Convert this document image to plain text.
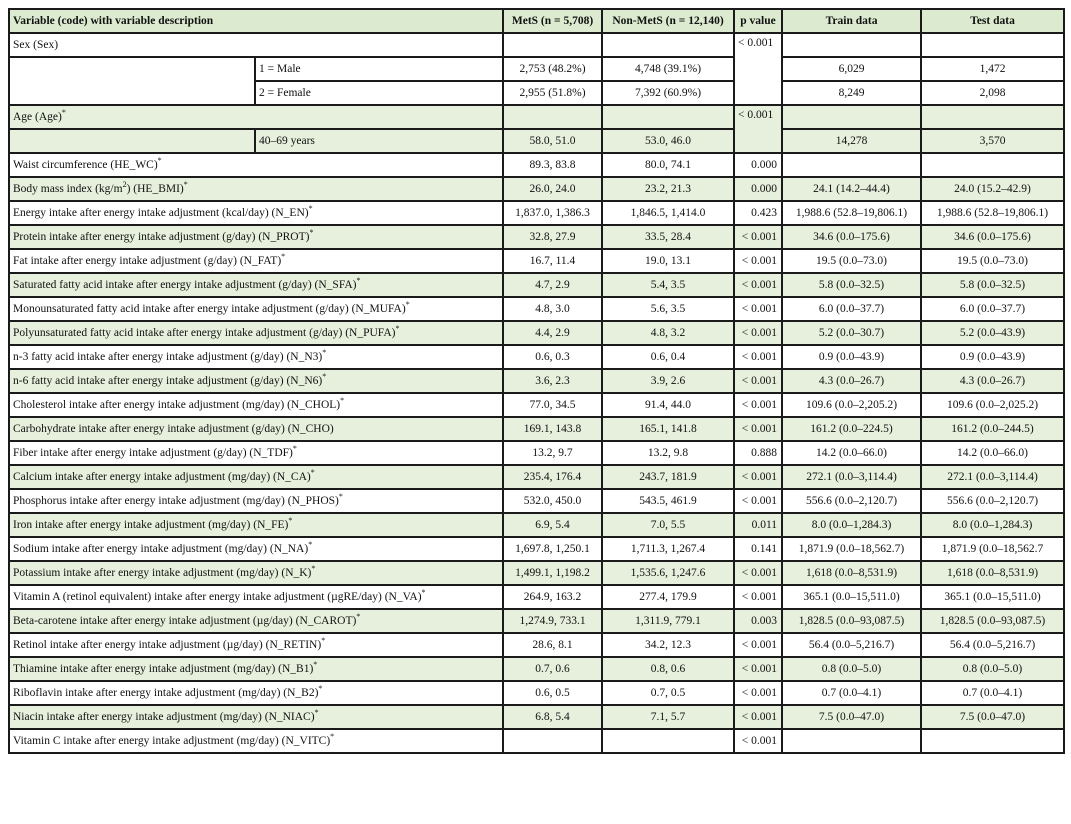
Variable (code) with variable description		MetS (n = 5,708)	Non-MetS (n = 12,140)	p value	Train data	Test data
Sex (Sex)				< 0.001		
	1 = Male	2,753 (48.2%)	4,748 (39.1%)		6,029	1,472
	2 = Female	2,955 (51.8%)	7,392 (60.9%)		8,249	2,098
Age (Age)*				< 0.001		
	40–69 years	58.0, 51.0	53.0, 46.0		14,278	3,570
Waist circumference (HE_WC)*		89.3, 83.8	80.0, 74.1	0.000		
Body mass index $(kg/m^2)$ (HE_BMI)*		26.0, 24.0	23.2, 21.3	0.000	24.1 (14.2–44.4)	24.0 (15.2–42.9)
Energy intake after energy intake adjustment (kcal/day) (N_EN)*		1,837.0, 1,386.3	1,846.5, 1,414.0	0.423	1,988.6 (52.8–19,806.1)	1,988.6 (52.8–19,806.1)
Protein intake after energy intake adjustment (g/day) (N_PROT)*		32.8, 27.9	33.5, 28.4	< 0.001	34.6 (0.0–175.6)	34.6 (0.0–175.6)
Fat intake after energy intake adjustment (g/day) (N_FAT)*		16.7, 11.4	19.0, 13.1	< 0.001	19.5 (0.0–73.0)	19.5 (0.0–73.0)
Saturated fatty acid intake after energy intake adjustment (g/day) (N_SFA)*		4.7, 2.9	5.4, 3.5	< 0.001	5.8 (0.0–32.5)	5.8 (0.0–32.5)
Monounsaturated fatty acid intake after energy intake adjustment (g/day) (N_MUFA)*		4.8, 3.0	5.6, 3.5	< 0.001	6.0 (0.0–37.7)	6.0 (0.0–37.7)
Polyunsaturated fatty acid intake after energy intake adjustment (g/day) (N_PUFA)*		4.4, 2.9	4.8, 3.2	< 0.001	5.2 (0.0–30.7)	5.2 (0.0–43.9)
n-3 fatty acid intake after energy intake adjustment (g/day) (N_N3)*		0.6, 0.3	0.6, 0.4	< 0.001	0.9 (0.0–43.9)	0.9 (0.0–43.9)
n-6 fatty acid intake after energy intake adjustment (g/day) (N_N6)*		3.6, 2.3	3.9, 2.6	< 0.001	4.3 (0.0–26.7)	4.3 (0.0–26.7)
Cholesterol intake after energy intake adjustment (mg/day) (N_CHOL)*		77.0, 34.5	91.4, 44.0	< 0.001	109.6 (0.0–2,205.2)	109.6 (0.0–2,025.2)
Carbohydrate intake after energy intake adjustment (g/day) (N_CHO)		169.1, 143.8	165.1, 141.8	< 0.001	161.2 (0.0–224.5)	161.2 (0.0–244.5)
Fiber intake after energy intake adjustment (g/day) (N_TDF)*		13.2, 9.7	13.2, 9.8	0.888	14.2 (0.0–66.0)	14.2 (0.0–66.0)
Calcium intake after energy intake adjustment (mg/day) (N_CA)*		235.4, 176.4	243.7, 181.9	< 0.001	272.1 (0.0–3,114.4)	272.1 (0.0–3,114.4)
Phosphorus intake after energy intake adjustment (mg/day) (N_PHOS)*		532.0, 450.0	543.5, 461.9	< 0.001	556.6 (0.0–2,120.7)	556.6 (0.0–2,120.7)
Iron intake after energy intake adjustment (mg/day) (N_FE)*		6.9, 5.4	7.0, 5.5	0.011	8.0 (0.0–1,284.3)	8.0 (0.0–1,284.3)
Sodium intake after energy intake adjustment (mg/day) (N_NA)*		1,697.8, 1,250.1	1,711.3, 1,267.4	0.141	1,871.9 (0.0–18,562.7)	1,871.9 (0.0–18,562.7
Potassium intake after energy intake adjustment (mg/day) (N_K)*		1,499.1, 1,198.2	1,535.6, 1,247.6	< 0.001	1,618 (0.0–8,531.9)	1,618 (0.0–8,531.9)
Vitamin A (retinol equivalent) intake after energy intake adjustment (µgRE/day) (N_VA)*		264.9, 163.2	277.4, 179.9	< 0.001	365.1 (0.0–15,511.0)	365.1 (0.0–15,511.0)
Beta-carotene intake after energy intake adjustment (µg/day) (N_CAROT)*		1,274.9, 733.1	1,311.9, 779.1	0.003	1,828.5 (0.0–93,087.5)	1,828.5 (0.0–93,087.5)
Retinol intake after energy intake adjustment (µg/day) (N_RETIN)*		28.6, 8.1	34.2, 12.3	< 0.001	56.4 (0.0–5,216.7)	56.4 (0.0–5,216.7)
Thiamine intake after energy intake adjustment (mg/day) (N_B1)*		0.7, 0.6	0.8, 0.6	< 0.001	0.8 (0.0–5.0)	0.8 (0.0–5.0)
Riboflavin intake after energy intake adjustment (mg/day) (N_B2)*		0.6, 0.5	0.7, 0.5	< 0.001	0.7 (0.0–4.1)	0.7 (0.0–4.1)
Niacin intake after energy intake adjustment (mg/day) (N_NIAC)*		6.8, 5.4	7.1, 5.7	< 0.001	7.5 (0.0–47.0)	7.5 (0.0–47.0)
Vitamin C intake after energy intake adjustment (mg/day) (N_VITC)*				< 0.001		
